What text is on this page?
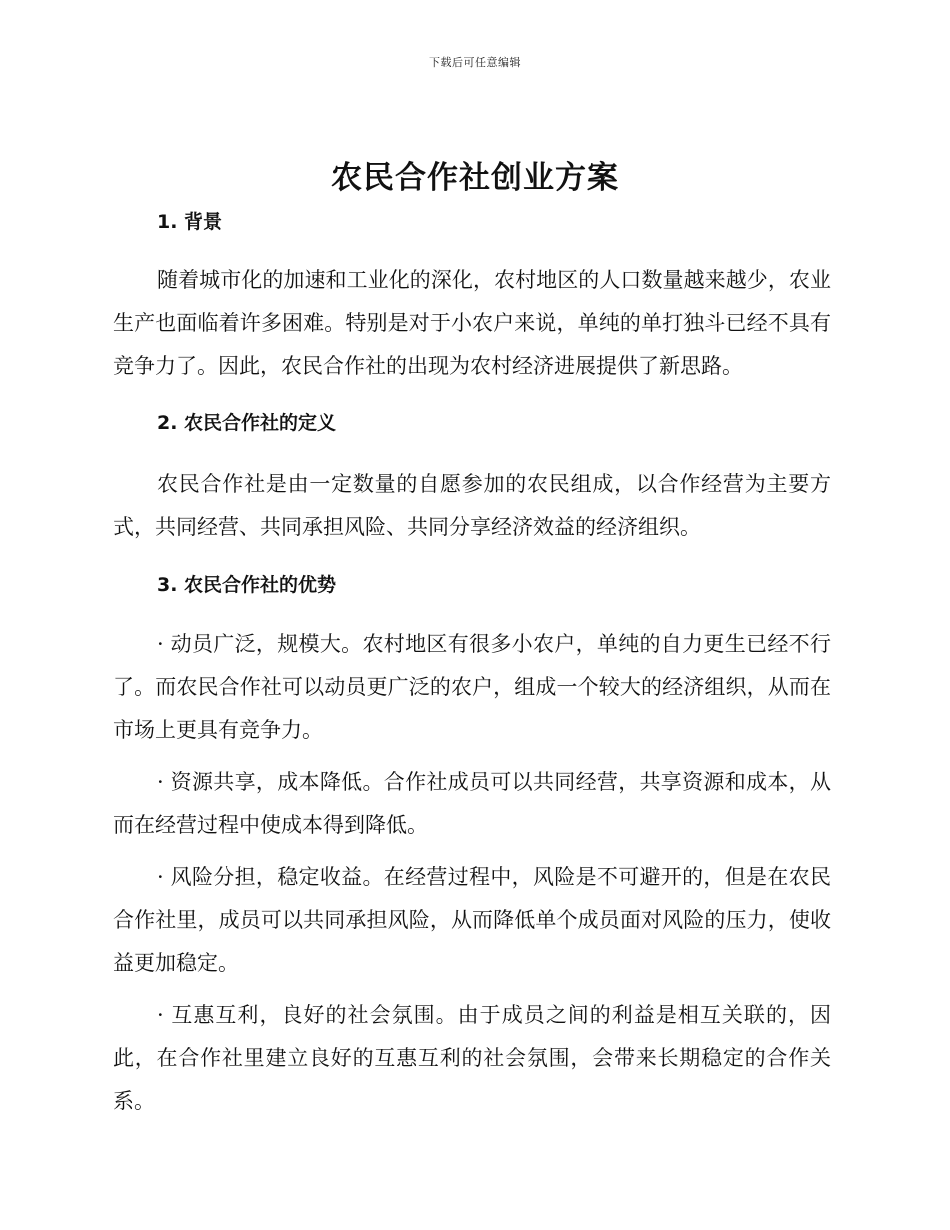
下载后可任意编辑
农民合作社创业方案
1. 背景

随着城市化的加速和工业化的深化，农村地区的人口数量越来越少，农业生产也面临着许多困难。特别是对于小农户来说，单纯的单打独斗已经不具有竞争力了。因此，农民合作社的出现为农村经济进展提供了新思路。

2. 农民合作社的定义

农民合作社是由一定数量的自愿参加的农民组成，以合作经营为主要方式，共同经营、共同承担风险、共同分享经济效益的经济组织。

3. 农民合作社的优势

· 动员广泛，规模大。农村地区有很多小农户，单纯的自力更生已经不行了。而农民合作社可以动员更广泛的农户，组成一个较大的经济组织，从而在市场上更具有竞争力。

· 资源共享，成本降低。合作社成员可以共同经营，共享资源和成本，从而在经营过程中使成本得到降低。

· 风险分担，稳定收益。在经营过程中，风险是不可避开的，但是在农民合作社里，成员可以共同承担风险，从而降低单个成员面对风险的压力，使收益更加稳定。

· 互惠互利，良好的社会氛围。由于成员之间的利益是相互关联的，因此，在合作社里建立良好的互惠互利的社会氛围，会带来长期稳定的合作关系。
